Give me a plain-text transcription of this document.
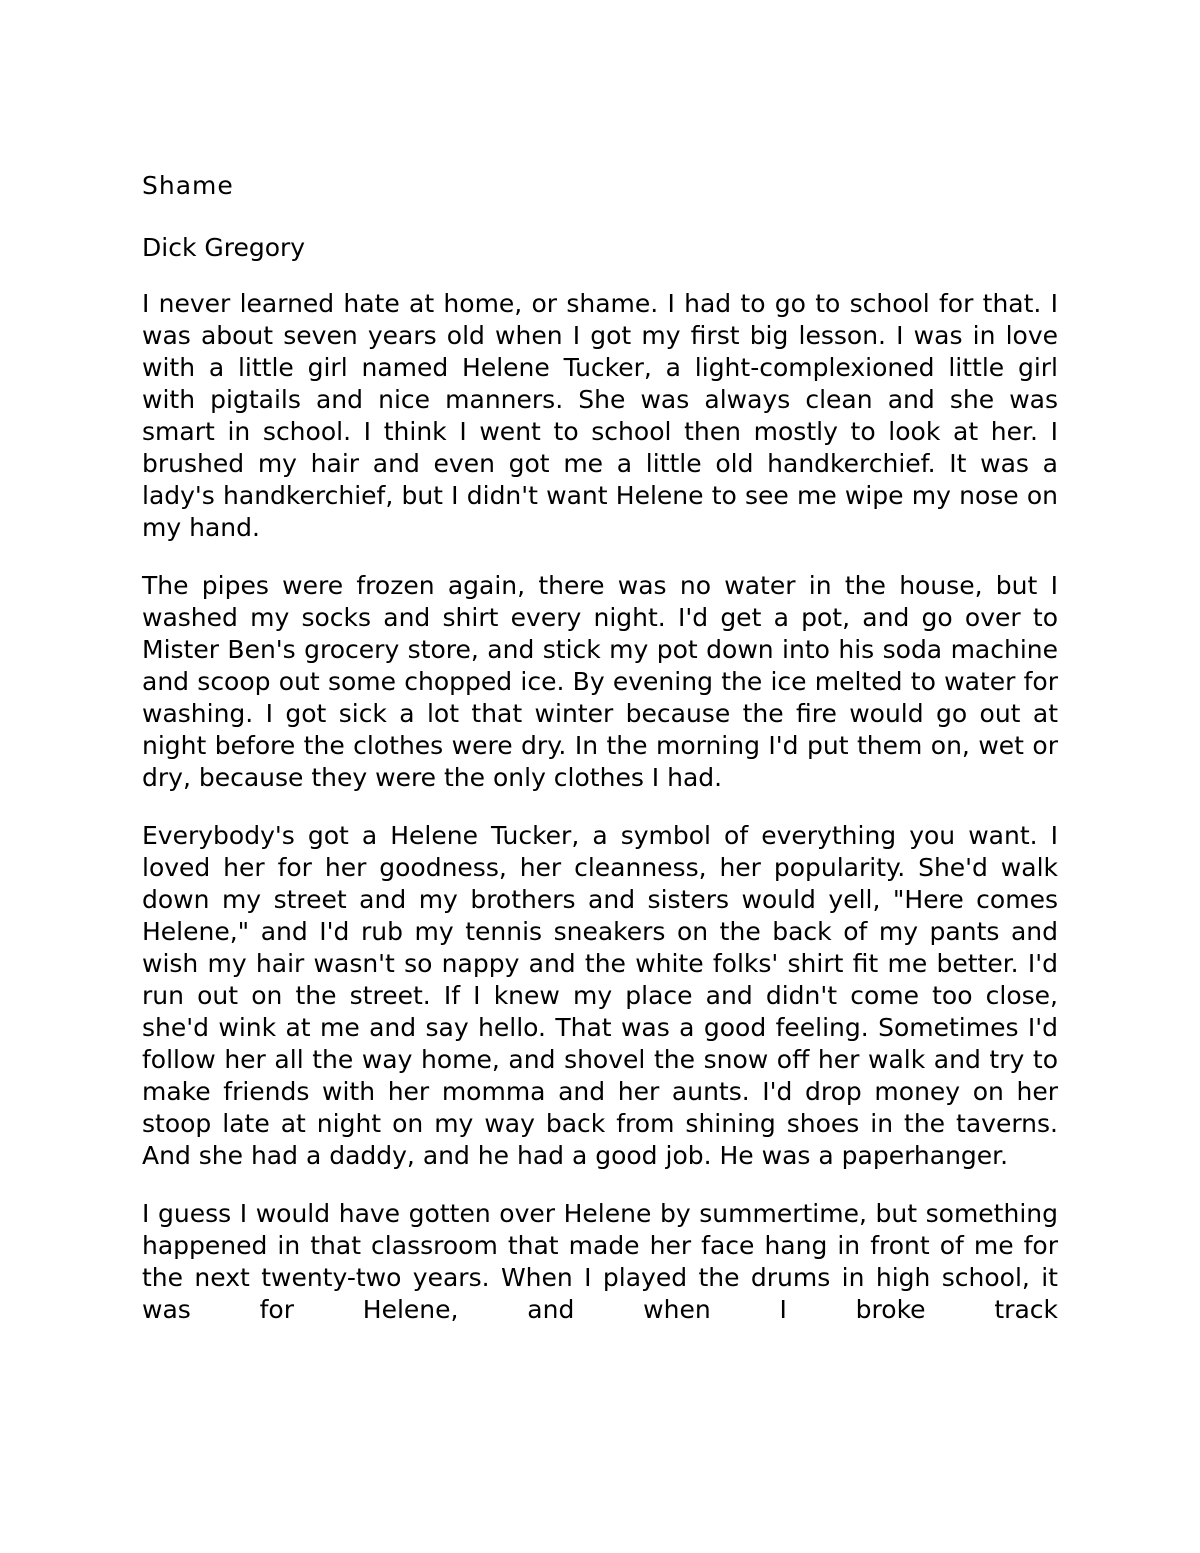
Shame
Dick Gregory

I never learned hate at home, or shame. I had to go to school for that. I was about seven years old when I got my first big lesson. I was in love with a little girl named Helene Tucker, a light-complexioned little girl with pigtails and nice manners. She was always clean and she was smart in school. I think I went to school then mostly to look at her. I brushed my hair and even got me a little old handkerchief. It was a lady's handkerchief, but I didn't want Helene to see me wipe my nose on my hand.

The pipes were frozen again, there was no water in the house, but I washed my socks and shirt every night. I'd get a pot, and go over to Mister Ben's grocery store, and stick my pot down into his soda machine and scoop out some chopped ice. By evening the ice melted to water for washing. I got sick a lot that winter because the fire would go out at night before the clothes were dry. In the morning I'd put them on, wet or dry, because they were the only clothes I had.

Everybody's got a Helene Tucker, a symbol of everything you want. I loved her for her goodness, her cleanness, her popularity. She'd walk down my street and my brothers and sisters would yell, "Here comes Helene," and I'd rub my tennis sneakers on the back of my pants and wish my hair wasn't so nappy and the white folks' shirt fit me better. I'd run out on the street. If I knew my place and didn't come too close, she'd wink at me and say hello. That was a good feeling. Sometimes I'd follow her all the way home, and shovel the snow off her walk and try to make friends with her momma and her aunts. I'd drop money on her stoop late at night on my way back from shining shoes in the taverns. And she had a daddy, and he had a good job. He was a paperhanger.

I guess I would have gotten over Helene by summertime, but something happened in that classroom that made her face hang in front of me for the next twenty-two years. When I played the drums in high school, it was for Helene, and when I broke track
